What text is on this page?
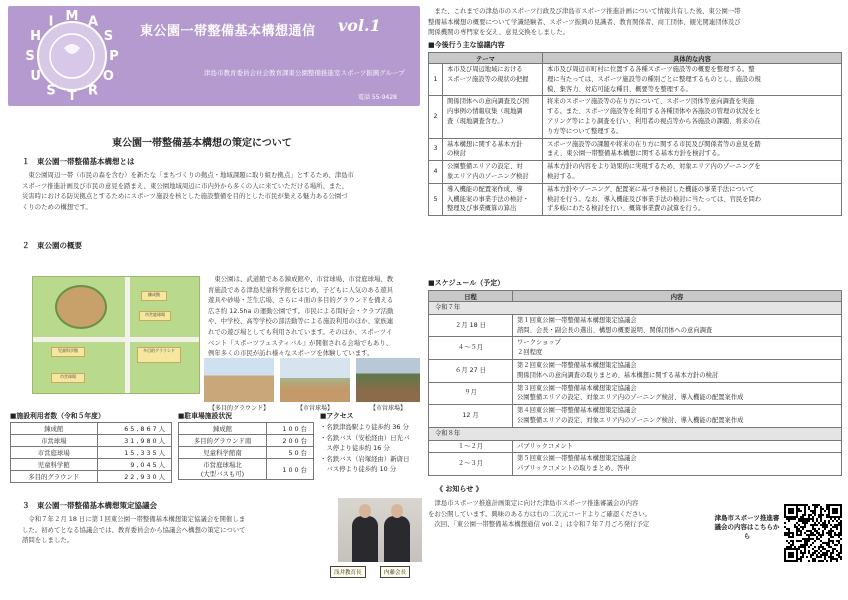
M A
S
P
O
R
T
S
U
S
H
I
東公園一帯整備基本構想通信 vol.1
津島市教育委員会社会教育課東公園整備推進室スポーツ振興グループ
電話 55-9428
東公園一帯整備基本構想の策定について
１　東公園一帯整備基本構想とは
　東公園周辺一帯（市民の森を含む）を新たな「まちづくりの拠点・地域課題に取り組む拠点」とするため、津島市
スポーツ推進計画及び市民の意見を踏まえ、東公園地域周辺に市内外から多くの人に来ていただける場所、また、
災害時における防災拠点とするためにスポーツ施設を核とした施設整備を目的とした市民が集える魅力ある公園づ
くりのための構想です。
２　東公園の概要
錬成館
市営庭球場
児童科学館	多目的グラウンド
市営球場
　東公園は、武道館である錬成館や、市営球場、市営庭球場、教
育施設である津島児童科学館をはじめ、子どもに人気のある遊具
遊具や砂場・芝生広場、さらに４面の多目的グラウンドを備える
広さ約 12.5ha の運動公園です。市民による問好会・クラブ活動
や、中学校、高等学校の部活動等による施設利用のほか、家族連
れでの遊び場としても利用されています。そのほか、スポーツイ
ベント『スポーツフェスティバル』が開催される会場でもあり、
例年多くの市民が訪れ様々なスポーツを体験しています。
【多目的グラウンド】	【市営球場】	【市営球場】
■施設利用者数（令和５年度）
錬成館	65,867人
市営球場	31,980人
市営庭球場	15,335人
児童科学館	9,045人
多目的グラウンド	22,930人
■駐車場施設状況
錬成館	100台
多目的グラウンド南	200台
児童科学館南	50台
市営庭球場北
(大型バスも可)	100台
■アクセス
・名鉄津島駅より徒歩約 36 分
・名鉄バス（安松経由）日光バ
　ス停より徒歩約 16 分
・名鉄バス（岩塚経由）新唐日
　バス停より徒歩約 10 分
３　東公園一帯整備基本構想策定協議会
　令和７年２月 18 日に第１回東公園一帯整備基本構想策定協議会を開催しま
した。初めてとなる協議会では、教育委員会から協議会へ構想の策定について
諮問をしました。
浅井教育長	内藤会長
　また、これまでの津島市のスポーツ行政及び津島市スポーツ推進計画について情報共有した後、東公園一帯
整備基本構想の概要について学識経験者、スポーツ振興の見識者、教育関係者、商工団体、観光関連団体及び
関係機関の専門家を交え、意見交換をしました。
■今後行う主な協議内容
テーマ		具体的な内容
1	本市及び周辺地域における
スポーツ施設等の現状の把握	本市及び周辺市町村に位置する各種スポーツ施設等の概要を整理する。整
理に当たっては、スポーツ施設等の種別ごとに整理するものとし、施設の規
模、集客力、対応可能な種目、概要等を整理する。
2	関係団体への意向調査及び国
内事例の情報収集（現地調
査（現地調査含む。）	将来のスポーツ施設等の在り方について、スポーツ団体等意向調査を実施
する。また、スポーツ施設等を利用する各種団体や各施設の管理の状況をヒ
アリング等により調査を行い、利用者の視点等から各施設の課題、将来の在
り方等について整理する。
3	基本構想に関する基本方針
の検討	スポーツ施設等の課題や将来の在り方に関する市民及び関係者等の意見を踏
まえ、東公園一帯整備基本構想に関する基本方針を検討する。
4	公園整備エリアの設定、対
象エリア内のゾーニング検討	基本方針の内容をより効果的に実現するため、対象エリア内のゾーニングを
検討する。
5	導入機能の配置案作成、導
入機能案の事業手法の検討・
整理及び事業概算の算出	基本方針やゾーニング、配置案に基づき検討した機能の事業手法について
検討を行う。なお、導入機能及び事業手法の検討に当たっては、官民を問わ
ず多岐にわたる検討を行い、概算事業費の試算を行う。
■スケジュール（予定）
日程	内容
令和７年	
２月 18 日	第１回東公園一帯整備基本構想策定協議会
諮問、会長・副会長の選出、構想の概要説明、関係団体への意向調査
４～５月	ワークショップ
２回程度
６月 27 日	第２回東公園一帯整備基本構想策定協議会
関係団体への意向調査の取りまとめ、基本構想に関する基本方針の検討
９月	第３回東公園一帯整備基本構想策定協議会
公園整備エリアの設定、対象エリア内のゾーニング検討、導入機能の配置案作成
12 月	第４回東公園一帯整備基本構想策定協議会
公園整備エリアの設定、対象エリア内のゾーニング検討、導入機能の配置案作成
令和８年	
１～２月	パブリックコメント
２～３月	第５回東公園一帯整備基本構想策定協議会
パブリックコメントの取りまとめ、答申
《 お知らせ 》
　津島市スポーツ推進計画策定に向けた津島市スポーツ推進審議会の内容
をお公開しています。興味のある方は右の二次元コードよりご確認ください。
　次回、「東公園一帯整備基本構想通信 vol.２」は令和７年７月ごろ発行予定
津島市スポーツ推進審議会の内容はこちらから
